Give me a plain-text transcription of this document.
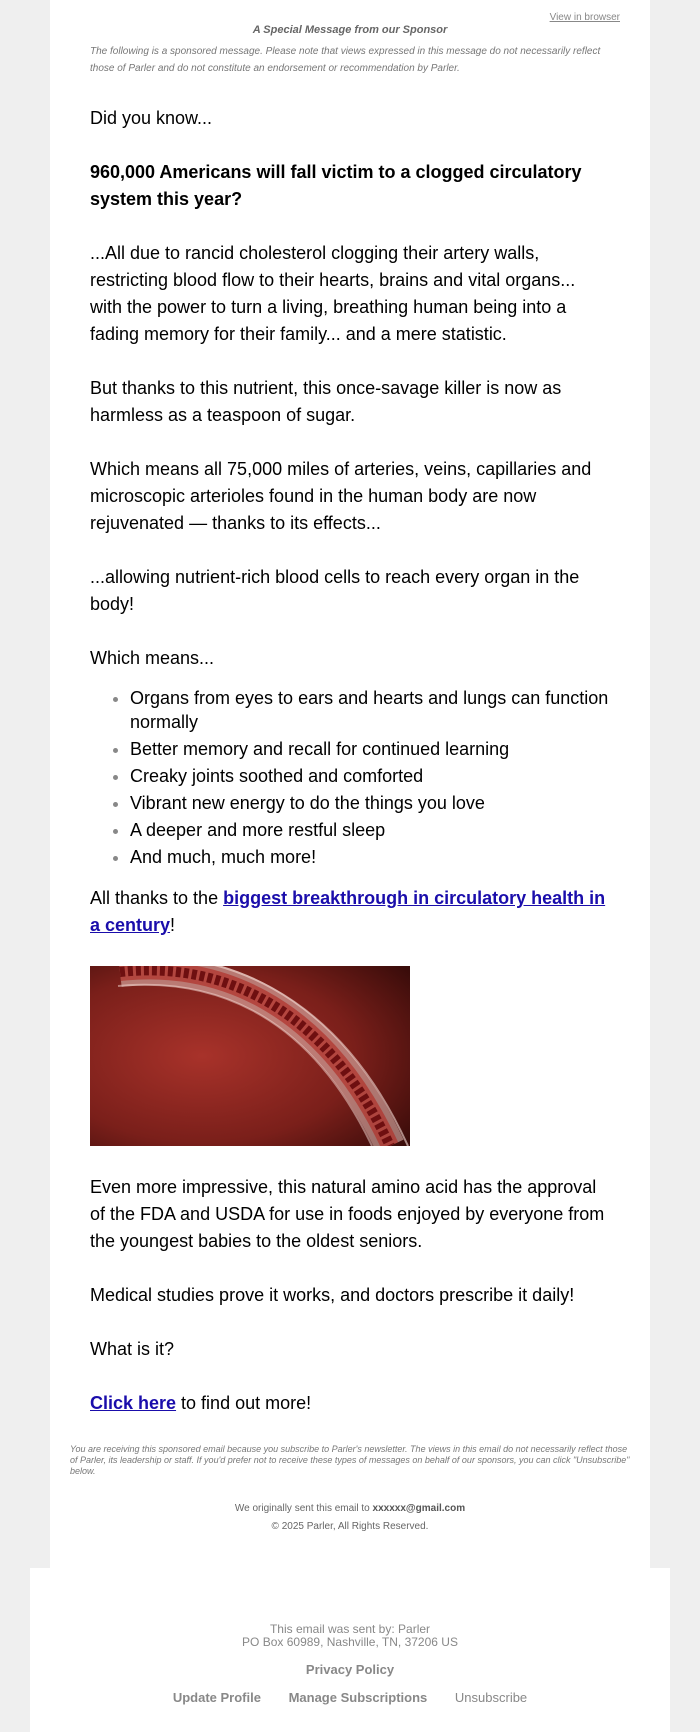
View in browser
A Special Message from our Sponsor
The following is a sponsored message. Please note that views expressed in this message do not necessarily reflect those of Parler and do not constitute an endorsement or recommendation by Parler.

Did you know...

960,000 Americans will fall victim to a clogged circulatory system this year?

...All due to rancid cholesterol clogging their artery walls, restricting blood flow to their hearts, brains and vital organs... with the power to turn a living, breathing human being into a fading memory for their family... and a mere statistic.

But thanks to this nutrient, this once-savage killer is now as harmless as a teaspoon of sugar.

Which means all 75,000 miles of arteries, veins, capillaries and microscopic arterioles found in the human body are now rejuvenated — thanks to its effects...

...allowing nutrient-rich blood cells to reach every organ in the body!

Which means...

• Organs from eyes to ears and hearts and lungs can function normally
• Better memory and recall for continued learning
• Creaky joints soothed and comforted
• Vibrant new energy to do the things you love
• A deeper and more restful sleep
• And much, much more!

All thanks to the biggest breakthrough in circulatory health in a century!

Even more impressive, this natural amino acid has the approval of the FDA and USDA for use in foods enjoyed by everyone from the youngest babies to the oldest seniors.

Medical studies prove it works, and doctors prescribe it daily!

What is it?

Click here to find out more!

You are receiving this sponsored email because you subscribe to Parler's newsletter. The views in this email do not necessarily reflect those of Parler, its leadership or staff. If you'd prefer not to receive these types of messages on behalf of our sponsors, you can click "Unsubscribe" below.
We originally sent this email to xxxxxx@gmail.com
© 2025 Parler, All Rights Reserved.
This email was sent by: Parler
PO Box 60989, Nashville, TN, 37206 US
Privacy Policy
Update Profile Manage Subscriptions Unsubscribe
